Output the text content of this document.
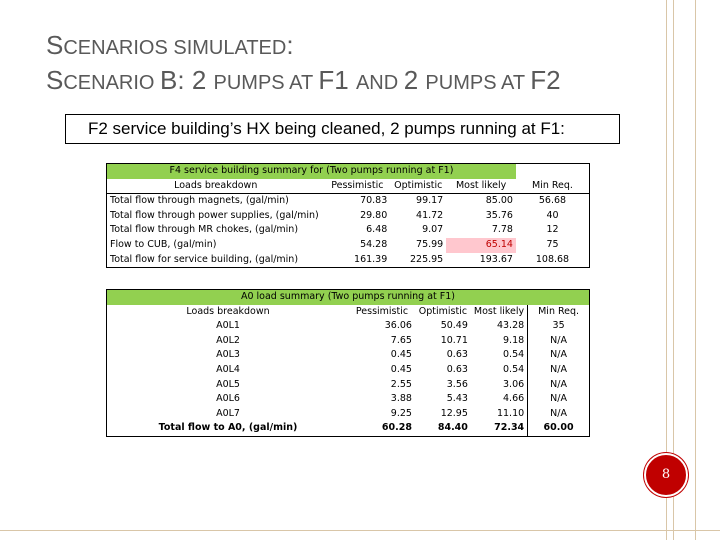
SCENARIOS SIMULATED:
SCENARIO B: 2 PUMPS AT F1 AND 2 PUMPS AT F2
F2 service building’s HX being cleaned, 2 pumps running at F1:
F4 service building summary for (Two pumps running at F1)				
Loads breakdown	Pessimistic	Optimistic	Most likely	Min Req.
Total flow through magnets, (gal/min)	70.83	99.17	85.00	56.68
Total flow through power supplies, (gal/min)	29.80	41.72	35.76	40
Total flow through MR chokes, (gal/min)	6.48	9.07	7.78	12
Flow to CUB, (gal/min)	54.28	75.99	65.14	75
Total flow for service building, (gal/min)	161.39	225.95	193.67	108.68
A0 load summary (Two pumps running at F1)				
Loads breakdown	Pessimistic	Optimistic	Most likely	Min Req.
A0L1	36.06	50.49	43.28	35
A0L2	7.65	10.71	9.18	N/A
A0L3	0.45	0.63	0.54	N/A
A0L4	0.45	0.63	0.54	N/A
A0L5	2.55	3.56	3.06	N/A
A0L6	3.88	5.43	4.66	N/A
A0L7	9.25	12.95	11.10	N/A
Total flow to A0, (gal/min)	60.28	84.40	72.34	60.00
8
